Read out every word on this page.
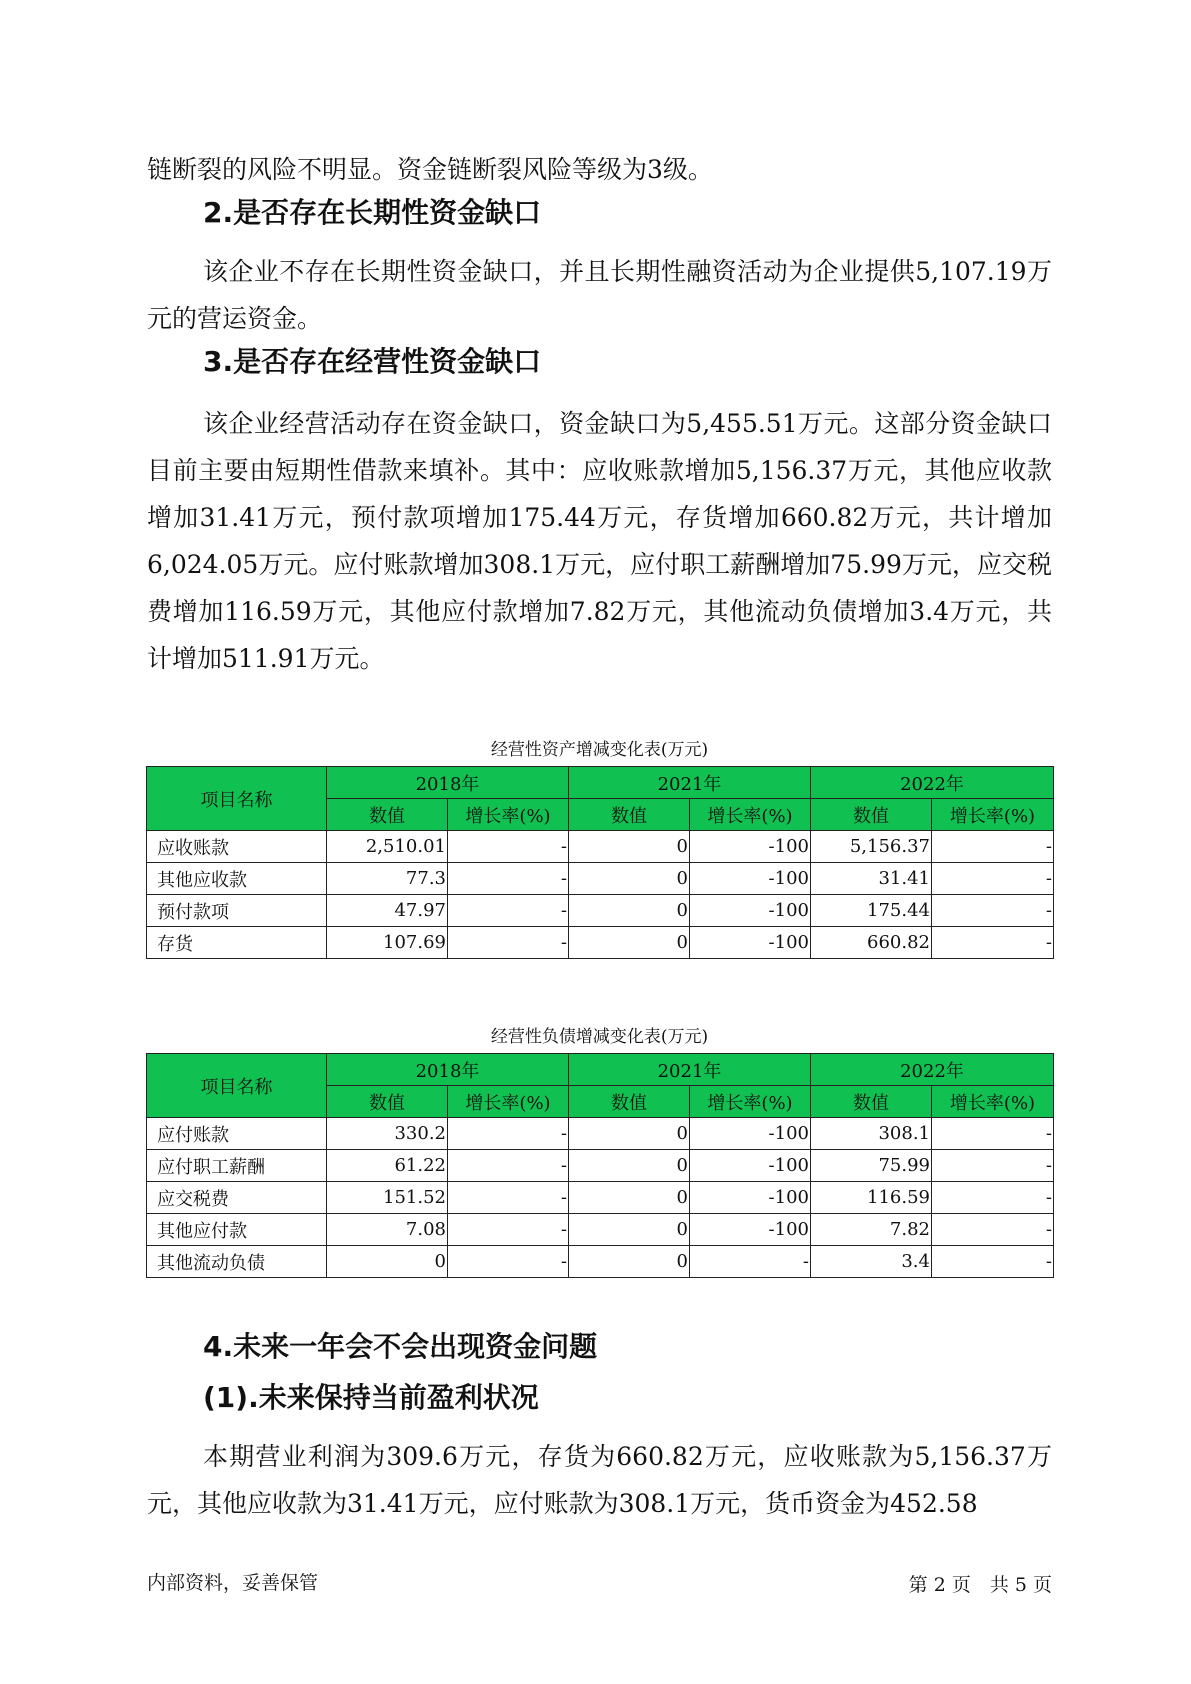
链断裂的风险不明显。资金链断裂风险等级为3级。

2.是否存在长期性资金缺口

该企业不存在长期性资金缺口，并且长期性融资活动为企业提供5,107.19万元的营运资金。

3.是否存在经营性资金缺口

该企业经营活动存在资金缺口，资金缺口为5,455.51万元。这部分资金缺口目前主要由短期性借款来填补。其中：应收账款增加5,156.37万元，其他应收款增加31.41万元，预付款项增加175.44万元，存货增加660.82万元，共计增加6,024.05万元。应付账款增加308.1万元，应付职工薪酬增加75.99万元，应交税费增加116.59万元，其他应付款增加7.82万元，其他流动负债增加3.4万元，共计增加511.91万元。

经营性资产增减变化表(万元)

项目名称	2018年		2021年		2022年	
	数值	增长率(%)	数值	增长率(%)	数值	增长率(%)
应收账款	2,510.01	-	0	-100	5,156.37	-
其他应收款	77.3	-	0	-100	31.41	-
预付款项	47.97	-	0	-100	175.44	-
存货	107.69	-	0	-100	660.82	-

经营性负债增减变化表(万元)

项目名称	2018年		2021年		2022年	
	数值	增长率(%)	数值	增长率(%)	数值	增长率(%)
应付账款	330.2	-	0	-100	308.1	-
应付职工薪酬	61.22	-	0	-100	75.99	-
应交税费	151.52	-	0	-100	116.59	-
其他应付款	7.08	-	0	-100	7.82	-
其他流动负债	0	-	0	-	3.4	-
4.未来一年会不会出现资金问题
(1).未来保持当前盈利状况

本期营业利润为309.6万元，存货为660.82万元，应收账款为5,156.37万元，其他应收款为31.41万元，应付账款为308.1万元，货币资金为452.58

内部资料，妥善保管	第 2 页　共 5 页
